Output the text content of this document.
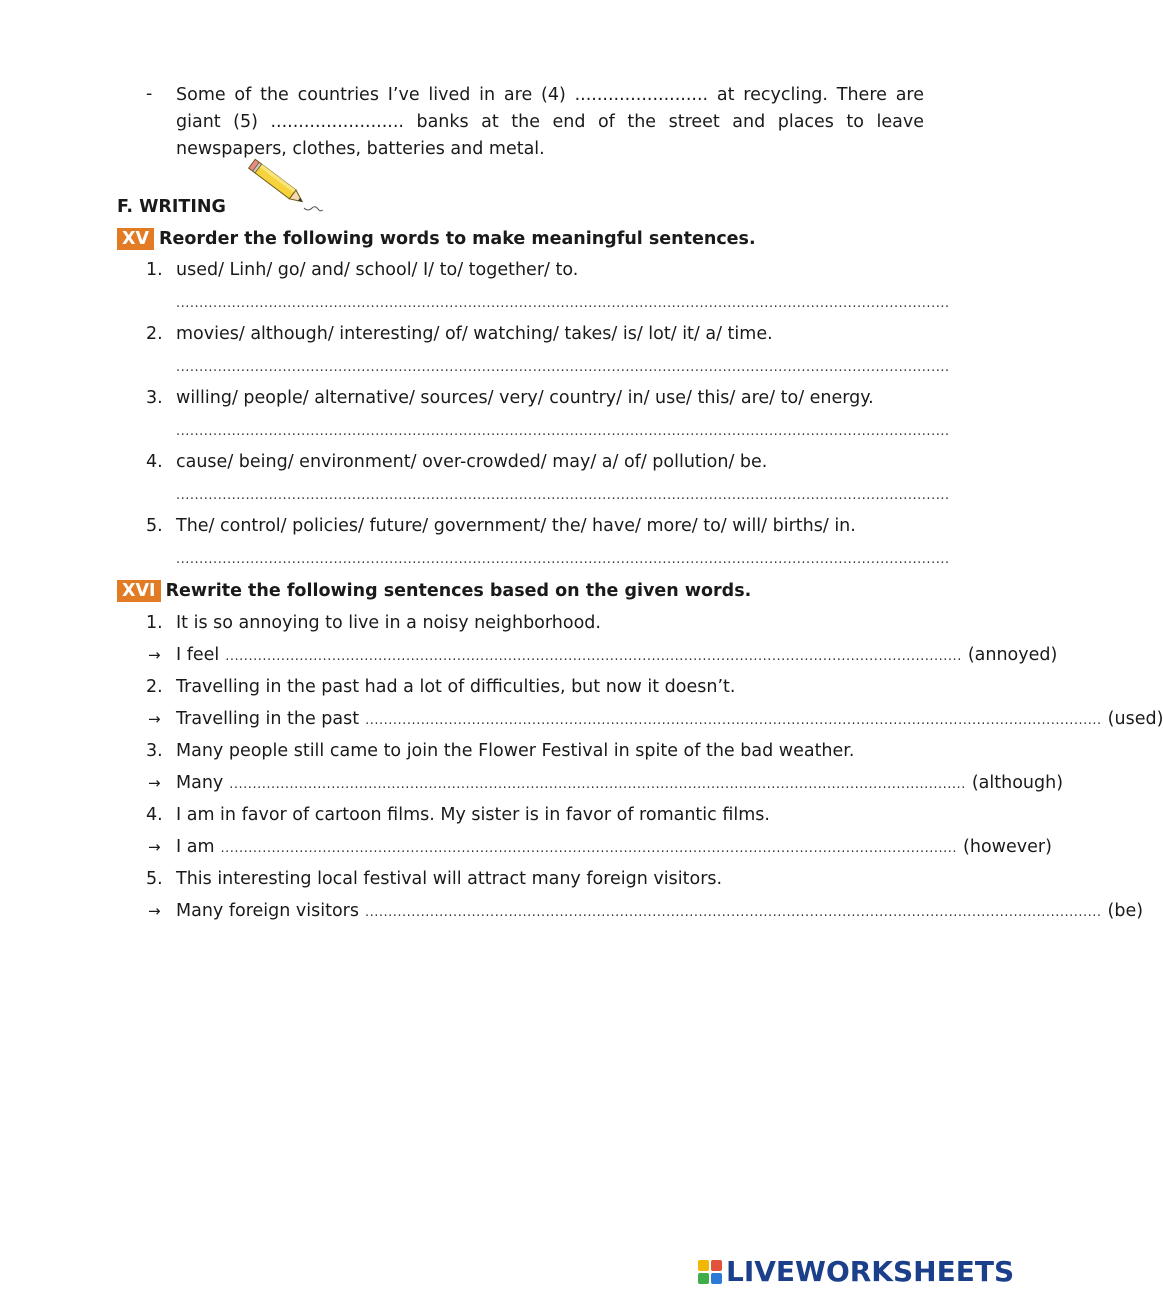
- Some of the countries I’ve lived in are (4) ........................ at recycling. There are giant (5) ........................ banks at the end of the street and places to leave newspapers, clothes, batteries and metal.
F. WRITING
XV Reorder the following words to make meaningful sentences.
1. used/ Linh/ go/ and/ school/ I/ to/ together/ to.
.......................................................................................................................................................................
2. movies/ although/ interesting/ of/ watching/ takes/ is/ lot/ it/ a/ time.
.......................................................................................................................................................................
3. willing/ people/ alternative/ sources/ very/ country/ in/ use/ this/ are/ to/ energy.
.......................................................................................................................................................................
4. cause/ being/ environment/ over-crowded/ may/ a/ of/ pollution/ be.
.......................................................................................................................................................................
5. The/ control/ policies/ future/ government/ the/ have/ more/ to/ will/ births/ in.
.......................................................................................................................................................................
XVI Rewrite the following sentences based on the given words.
1. It is so annoying to live in a noisy neighborhood.
→ I feel ............................................................................................................................................................... (annoyed)
2. Travelling in the past had a lot of difficulties, but now it doesn’t.
→ Travelling in the past ............................................................................................................................................................... (used)
3. Many people still came to join the Flower Festival in spite of the bad weather.
→ Many ............................................................................................................................................................... (although)
4. I am in favor of cartoon films. My sister is in favor of romantic films.
→ I am ............................................................................................................................................................... (however)
5. This interesting local festival will attract many foreign visitors.
→ Many foreign visitors ............................................................................................................................................................... (be)
LIVEWORKSHEETS
